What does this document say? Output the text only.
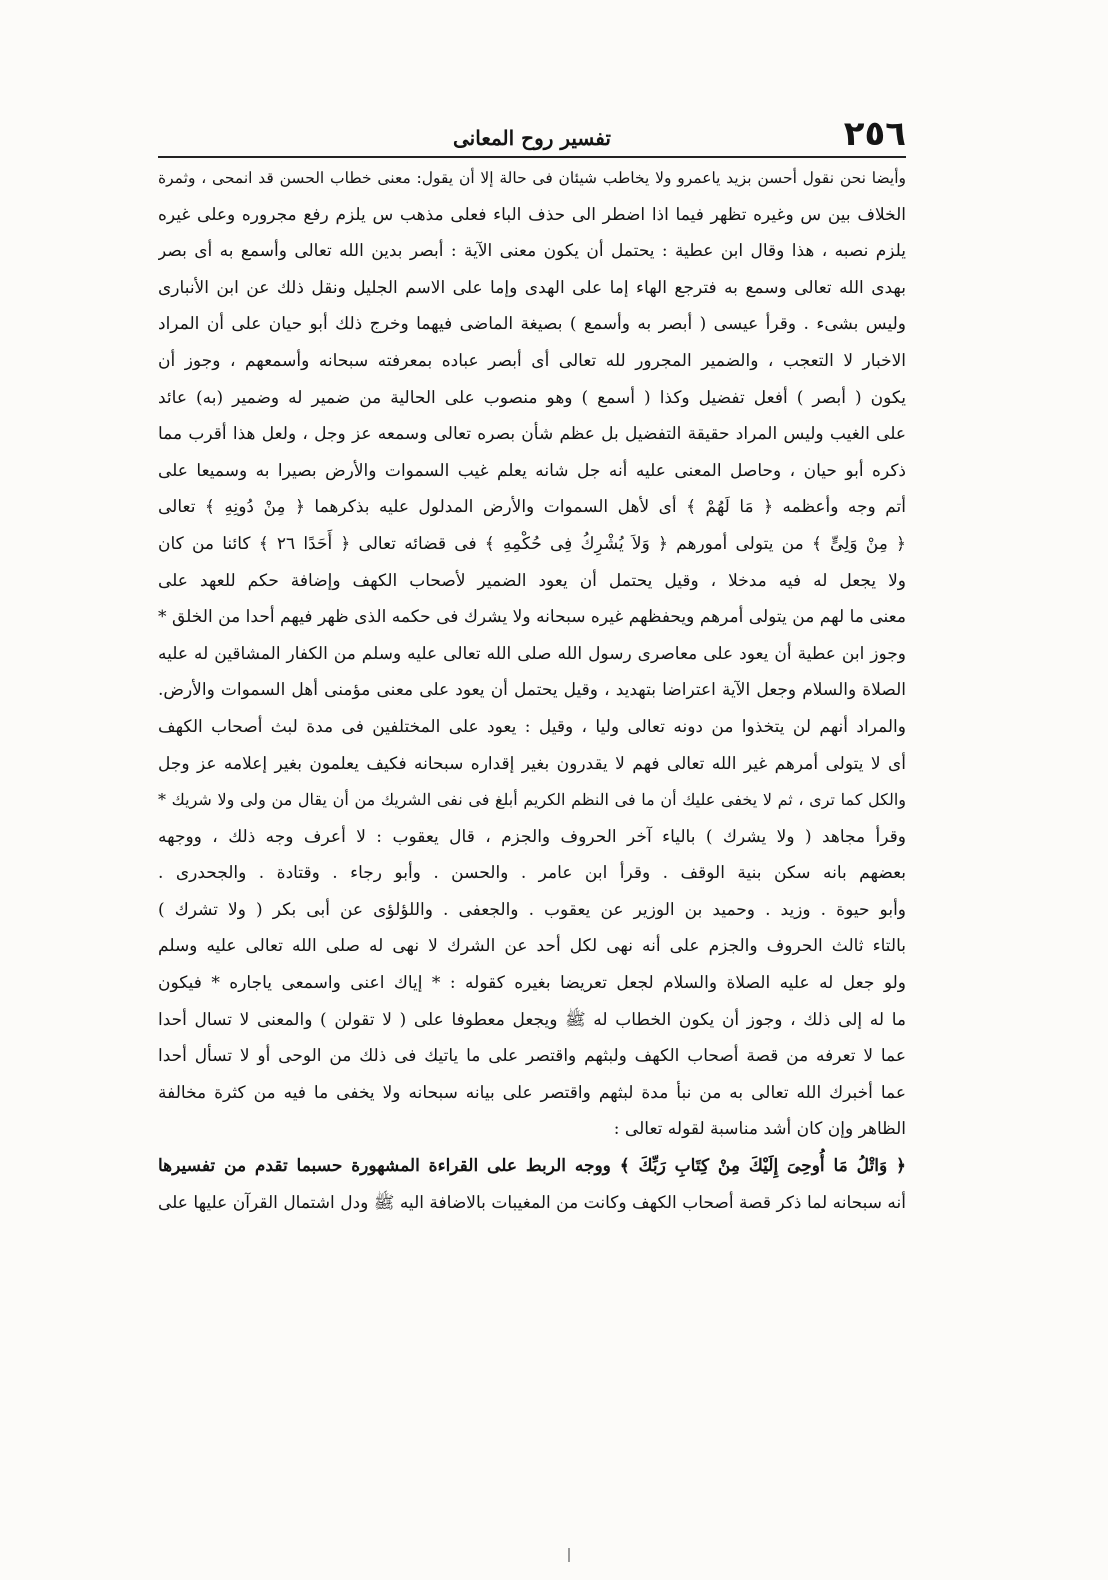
٢٥٦
تفسير روح المعانى
وأيضا نحن نقول أحسن بزيد ياعمرو ولا يخاطب شيئان فى حالة إلا أن يقول: معنى خطاب الحسن قد انمحى ، وثمرة
الخلاف بين س وغيره تظهر فيما اذا اضطر الى حذف الباء فعلى مذهب س يلزم رفع مجروره وعلى غيره
يلزم نصبه ، هذا وقال ابن عطية : يحتمل أن يكون معنى الآية : أبصر بدين الله تعالى وأسمع به أى بصر
بهدى الله تعالى وسمع به فترجع الهاء إما على الهدى وإما على الاسم الجليل ونقل ذلك عن ابن الأنبارى
وليس بشىء . وقرأ عيسى ( أبصر به وأسمع ) بصيغة الماضى فيهما وخرج ذلك أبو حيان على أن المراد
الاخبار لا التعجب ، والضمير المجرور لله تعالى أى أبصر عباده بمعرفته سبحانه وأسمعهم ، وجوز أن
يكون ( أبصر ) أفعل تفضيل وكذا ( أسمع ) وهو منصوب على الحالية من ضمير له وضمير (به) عائد
على الغيب وليس المراد حقيقة التفضيل بل عظم شأن بصره تعالى وسمعه عز وجل ، ولعل هذا أقرب مما
ذكره أبو حيان ، وحاصل المعنى عليه أنه جل شانه يعلم غيب السموات والأرض بصيرا به وسميعا على
أتم وجه وأعظمه ﴿ مَا لَهُمْ ﴾ أى لأهل السموات والأرض المدلول عليه بذكرهما ﴿ مِنْ دُونِهِ ﴾ تعالى
﴿ مِنْ وَلِىٍّ ﴾ من يتولى أمورهم ﴿ وَلاَ يُشْرِكُ فِى حُكْمِهِ ﴾ فى قضائه تعالى ﴿ أَحَدًا ٢٦ ﴾ كائنا من كان
ولا يجعل له فيه مدخلا ، وقيل يحتمل أن يعود الضمير لأصحاب الكهف وإضافة حكم للعهد على
معنى ما لهم من يتولى أمرهم ويحفظهم غيره سبحانه ولا يشرك فى حكمه الذى ظهر فيهم أحدا من الخلق *
وجوز ابن عطية أن يعود على معاصرى رسول الله صلى الله تعالى عليه وسلم من الكفار المشاقين له عليه
الصلاة والسلام وجعل الآية اعتراضا بتهديد ، وقيل يحتمل أن يعود على معنى مؤمنى أهل السموات والأرض.
والمراد أنهم لن يتخذوا من دونه تعالى وليا ، وقيل : يعود على المختلفين فى مدة لبث أصحاب الكهف
أى لا يتولى أمرهم غير الله تعالى فهم لا يقدرون بغير إقداره سبحانه فكيف يعلمون بغير إعلامه عز وجل
والكل كما ترى ، ثم لا يخفى عليك أن ما فى النظم الكريم أبلغ فى نفى الشريك من أن يقال من ولى ولا شريك *
وقرأ مجاهد ( ولا يشرك ) بالياء آخر الحروف والجزم ، قال يعقوب : لا أعرف وجه ذلك ، ووجهه
بعضهم بانه سكن بنية الوقف . وقرأ ابن عامر . والحسن . وأبو رجاء . وقتادة . والجحدرى .
وأبو حيوة . وزيد . وحميد بن الوزير عن يعقوب . والجعفى . واللؤلؤى عن أبى بكر ( ولا تشرك )
بالتاء ثالث الحروف والجزم على أنه نهى لكل أحد عن الشرك لا نهى له صلى الله تعالى عليه وسلم
ولو جعل له عليه الصلاة والسلام لجعل تعريضا بغيره كقوله : * إياك اعنى واسمعى ياجاره * فيكون
ما له إلى ذلك ، وجوز أن يكون الخطاب له ﷺ ويجعل معطوفا على ( لا تقولن ) والمعنى لا تسال أحدا
عما لا تعرفه من قصة أصحاب الكهف ولبثهم واقتصر على ما ياتيك فى ذلك من الوحى أو لا تسأل أحدا
عما أخبرك الله تعالى به من نبأ مدة لبثهم واقتصر على بيانه سبحانه ولا يخفى ما فيه من كثرة مخالفة
الظاهر وإن كان أشد مناسبة لقوله تعالى :
﴿ وَاتْلُ مَا أُوحِىَ إِلَيْكَ مِنْ كِتَابِ رَبِّكَ ﴾ ووجه الربط على القراءة المشهورة حسبما تقدم من تفسيرها
أنه سبحانه لما ذكر قصة أصحاب الكهف وكانت من المغيبات بالاضافة اليه ﷺ ودل اشتمال القرآن عليها على
